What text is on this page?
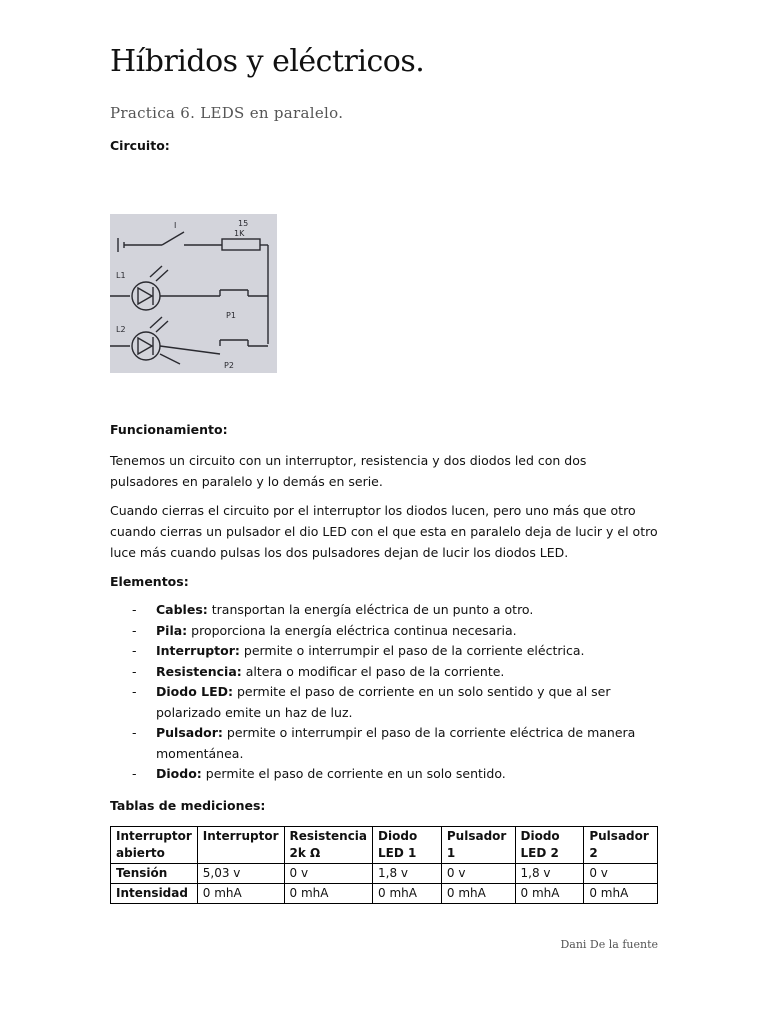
Híbridos y eléctricos.
Practica 6. LEDS en paralelo.

Circuito:

I
1K
15
L1
L2
P1
P2

Funcionamiento:

Tenemos un circuito con un interruptor, resistencia y dos diodos led con dos pulsadores en paralelo y lo demás en serie.

Cuando cierras el circuito por el interruptor los diodos lucen, pero uno más que otro cuando cierras un pulsador el dio LED con el que esta en paralelo deja de lucir y el otro luce más cuando pulsas los dos pulsadores dejan de lucir los diodos LED.

Elementos:

- Cables: transportan la energía eléctrica de un punto a otro.
- Pila: proporciona la energía eléctrica continua necesaria.
- Interruptor: permite o interrumpir el paso de la corriente eléctrica.
- Resistencia: altera o modificar el paso de la corriente.
- Diodo LED: permite el paso de corriente en un solo sentido y que al ser polarizado emite un haz de luz.
- Pulsador: permite o interrumpir el paso de la corriente eléctrica de manera momentánea.
- Diodo: permite el paso de corriente en un solo sentido.

Tablas de mediciones:

Interruptor abierto	Interruptor	Resistencia 2k Ω	Diodo LED 1	Pulsador 1	Diodo LED 2	Pulsador 2
Tensión	5,03 v	0 v	1,8 v	0 v	1,8 v	0 v
Intensidad	0 mhA	0 mhA	0 mhA	0 mhA	0 mhA	0 mhA
Dani De la fuente
